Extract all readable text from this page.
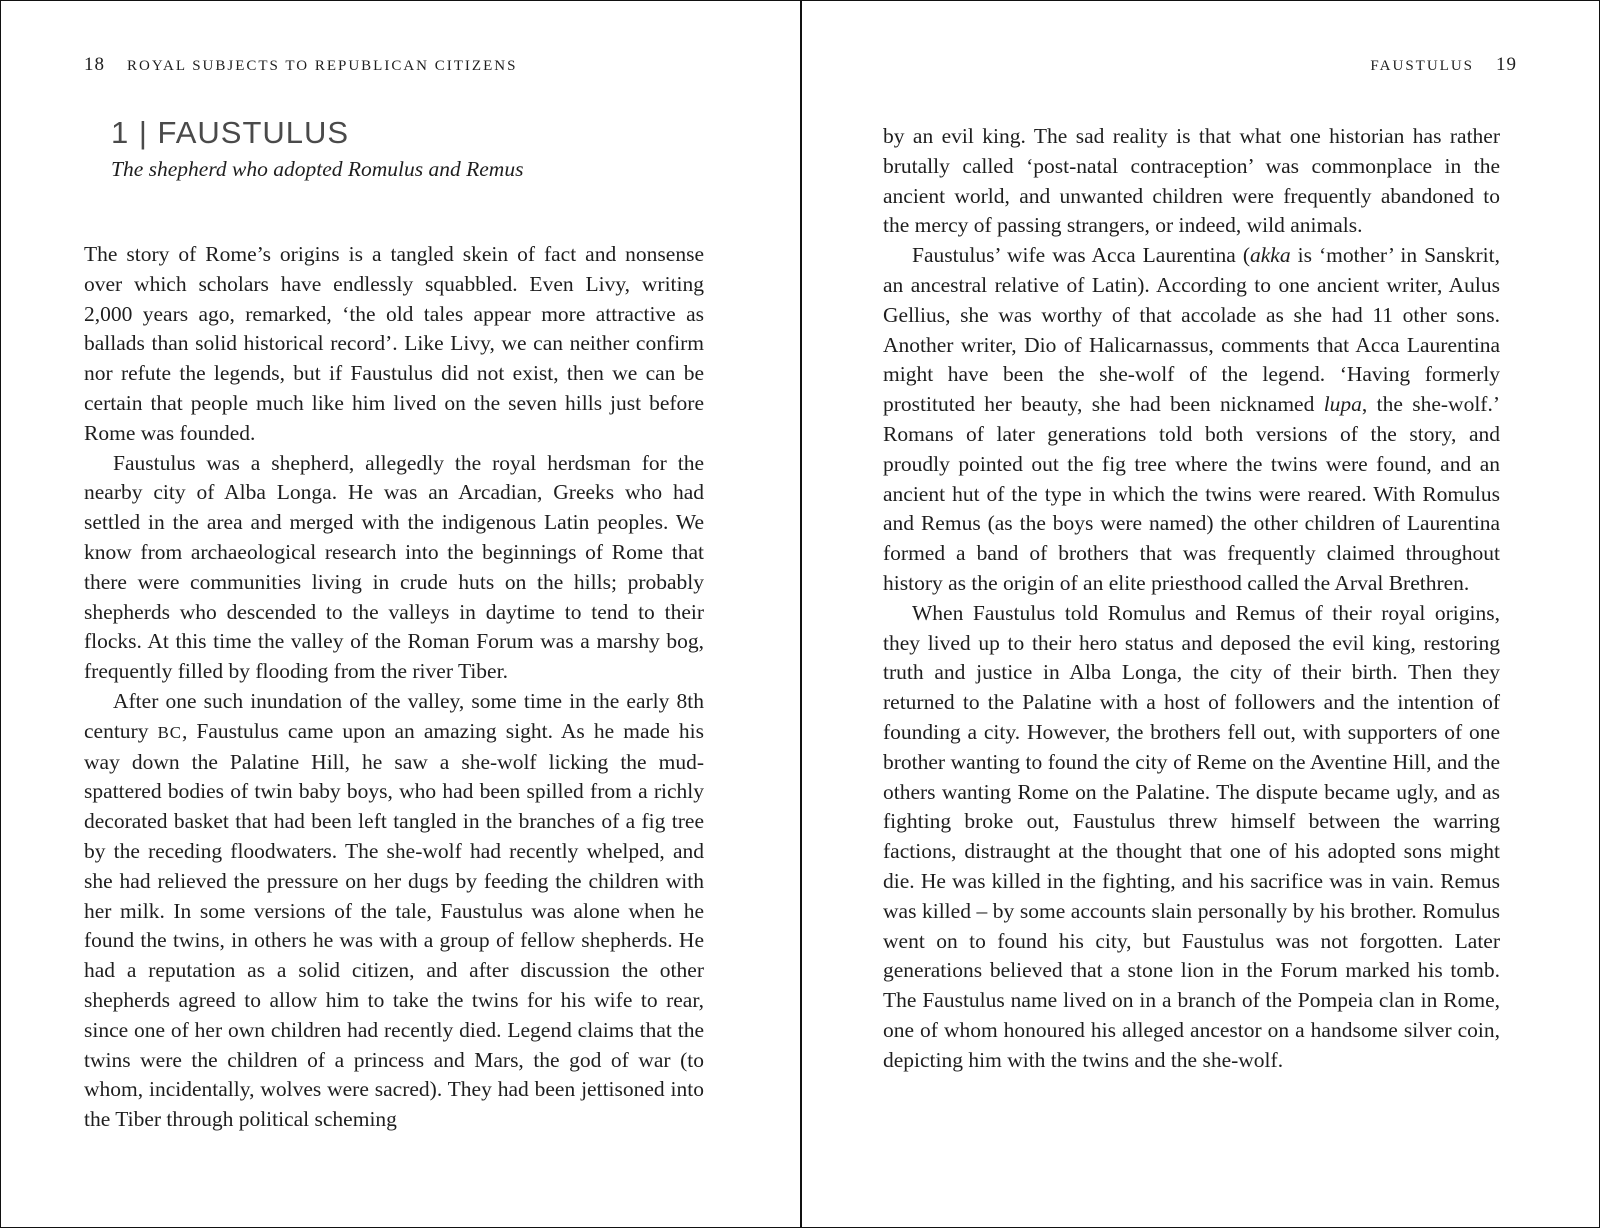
18 ROYAL SUBJECTS TO REPUBLICAN CITIZENS
1 | FAUSTULUS
The shepherd who adopted Romulus and Remus

The story of Rome’s origins is a tangled skein of fact and nonsense over which scholars have endlessly squabbled. Even Livy, writing 2,000 years ago, remarked, ‘the old tales appear more attractive as ballads than solid historical record’. Like Livy, we can neither confirm nor refute the legends, but if Faustulus did not exist, then we can be certain that people much like him lived on the seven hills just before Rome was founded.

Faustulus was a shepherd, allegedly the royal herdsman for the nearby city of Alba Longa. He was an Arcadian, Greeks who had settled in the area and merged with the indigenous Latin peoples. We know from archaeological research into the beginnings of Rome that there were communities living in crude huts on the hills; probably shepherds who descended to the valleys in daytime to tend to their flocks. At this time the valley of the Roman Forum was a marshy bog, frequently filled by flooding from the river Tiber.

After one such inundation of the valley, some time in the early 8th century BC, Faustulus came upon an amazing sight. As he made his way down the Palatine Hill, he saw a she-wolf licking the mud-spattered bodies of twin baby boys, who had been spilled from a richly decorated basket that had been left tangled in the branches of a fig tree by the receding floodwaters. The she-wolf had recently whelped, and she had relieved the pressure on her dugs by feeding the children with her milk. In some versions of the tale, Faustulus was alone when he found the twins, in others he was with a group of fellow shepherds. He had a reputation as a solid citizen, and after discussion the other shepherds agreed to allow him to take the twins for his wife to rear, since one of her own children had recently died. Legend claims that the twins were the children of a princess and Mars, the god of war (to whom, incidentally, wolves were sacred). They had been jettisoned into the Tiber through political scheming

FAUSTULUS 19

by an evil king. The sad reality is that what one historian has rather brutally called ‘post-natal contraception’ was commonplace in the ancient world, and unwanted children were frequently abandoned to the mercy of passing strangers, or indeed, wild animals.

Faustulus’ wife was Acca Laurentina (akka is ‘mother’ in Sanskrit, an ancestral relative of Latin). According to one ancient writer, Aulus Gellius, she was worthy of that accolade as she had 11 other sons. Another writer, Dio of Halicarnassus, comments that Acca Laurentina might have been the she-wolf of the legend. ‘Having formerly prostituted her beauty, she had been nicknamed lupa, the she-wolf.’ Romans of later generations told both versions of the story, and proudly pointed out the fig tree where the twins were found, and an ancient hut of the type in which the twins were reared. With Romulus and Remus (as the boys were named) the other children of Laurentina formed a band of brothers that was frequently claimed throughout history as the origin of an elite priesthood called the Arval Brethren.

When Faustulus told Romulus and Remus of their royal origins, they lived up to their hero status and deposed the evil king, restoring truth and justice in Alba Longa, the city of their birth. Then they returned to the Palatine with a host of followers and the intention of founding a city. However, the brothers fell out, with supporters of one brother wanting to found the city of Reme on the Aventine Hill, and the others wanting Rome on the Palatine. The dispute became ugly, and as fighting broke out, Faustulus threw himself between the warring factions, distraught at the thought that one of his adopted sons might die. He was killed in the fighting, and his sacrifice was in vain. Remus was killed – by some accounts slain personally by his brother. Romulus went on to found his city, but Faustulus was not forgotten. Later generations believed that a stone lion in the Forum marked his tomb. The Faustulus name lived on in a branch of the Pompeia clan in Rome, one of whom honoured his alleged ancestor on a handsome silver coin, depicting him with the twins and the she-wolf.
